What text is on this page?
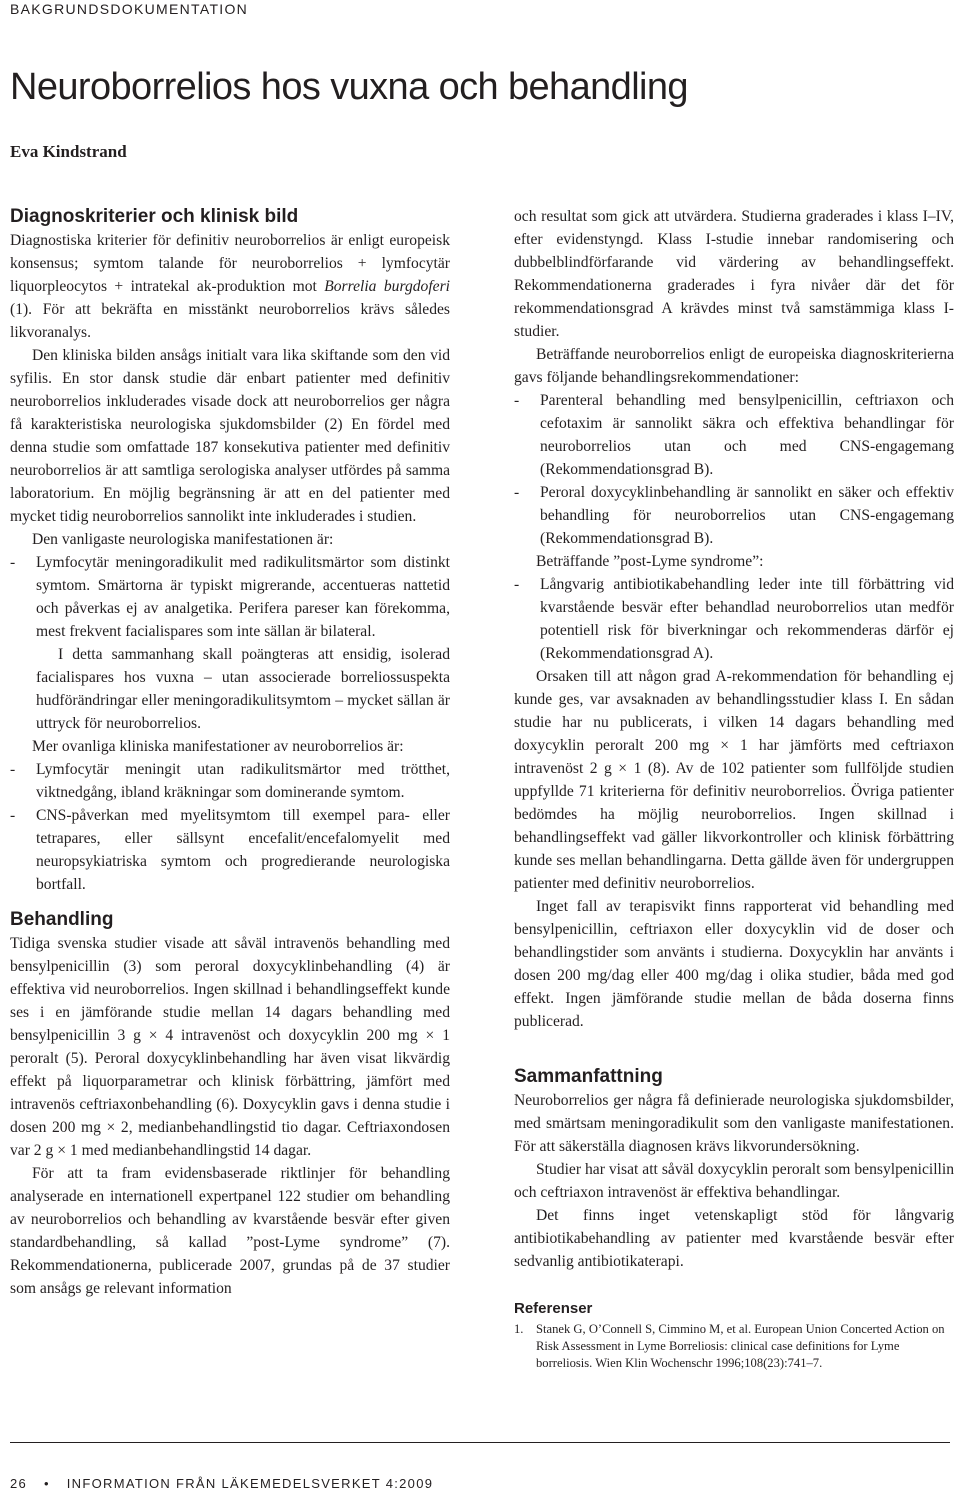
BAKGRUNDSDOKUMENTATION
Neuroborrelios hos vuxna och behandling
Eva Kindstrand
Diagnoskriterier och klinisk bild

Diagnostiska kriterier för definitiv neuroborrelios är enligt europeisk konsensus; symtom talande för neuroborrelios + lymfocytär liquorpleocytos + intratekal ak-produktion mot Borrelia burgdoferi (1). För att bekräfta en misstänkt neuroborrelios krävs således likvoranalys.

Den kliniska bilden ansågs initialt vara lika skiftande som den vid syfilis. En stor dansk studie där enbart patienter med definitiv neuroborrelios inkluderades visade dock att neuroborrelios ger några få karakteristiska neurologiska sjukdomsbilder (2) En fördel med denna studie som omfattade 187 konsekutiva patienter med definitiv neuroborrelios är att samtliga serologiska analyser utfördes på samma laboratorium. En möjlig begränsning är att en del patienter med mycket tidig neuroborrelios sannolikt inte inkluderades i studien.

Den vanligaste neurologiska manifestationen är:

- Lymfocytär meningoradikulit med radikulitsmärtor som distinkt symtom. Smärtorna är typiskt migrerande, accentueras nattetid och påverkas ej av analgetika. Perifera pareser kan förekomma, mest frekvent facialispares som inte sällan är bilateral.

I detta sammanhang skall poängteras att ensidig, isolerad facialispares hos vuxna – utan associerade borreliossuspekta hudförändringar eller meningoradikulitsymtom – mycket sällan är uttryck för neuroborrelios.

Mer ovanliga kliniska manifestationer av neuroborrelios är:

- Lymfocytär meningit utan radikulitsmärtor med trötthet, viktnedgång, ibland kräkningar som dominerande symtom.
- CNS-påverkan med myelitsymtom till exempel para- eller tetrapares, eller sällsynt encefalit/encefalomyelit med neuropsykiatriska symtom och progredierande neurologiska bortfall.
Behandling

Tidiga svenska studier visade att såväl intravenös behandling med bensylpenicillin (3) som peroral doxycyklinbehandling (4) är effektiva vid neuroborrelios. Ingen skillnad i behandlingseffekt kunde ses i en jämförande studie mellan 14 dagars behandling med bensylpenicillin 3 g × 4 intravenöst och doxycyklin 200 mg × 1 peroralt (5). Peroral doxycyklinbehandling har även visat likvärdig effekt på liquorparametrar och klinisk förbättring, jämfört med intravenös ceftriaxonbehandling (6). Doxycyklin gavs i denna studie i dosen 200 mg × 2, medianbehandlingstid tio dagar. Ceftriaxondosen var 2 g × 1 med medianbehandlingstid 14 dagar.

För att ta fram evidensbaserade riktlinjer för behandling analyserade en internationell expertpanel 122 studier om behandling av neuroborrelios och behandling av kvarstående besvär efter given standardbehandling, så kallad ”post-Lyme syndrome” (7). Rekommendationerna, publicerade 2007, grundas på de 37 studier som ansågs ge relevant information

och resultat som gick att utvärdera. Studierna graderades i klass I–IV, efter evidenstyngd. Klass I-studie innebar randomisering och dubbelblindförfarande vid värdering av behandlingseffekt. Rekommendationerna graderades i fyra nivåer där det för rekommendationsgrad A krävdes minst två samstämmiga klass I-studier.

Beträffande neuroborrelios enligt de europeiska diagnoskriterierna gavs följande behandlingsrekommendationer:

- Parenteral behandling med bensylpenicillin, ceftriaxon och cefotaxim är sannolikt säkra och effektiva behandlingar för neuroborrelios utan och med CNS-engagemang (Rekommendationsgrad B).
- Peroral doxycyklinbehandling är sannolikt en säker och effektiv behandling för neuroborrelios utan CNS-engagemang (Rekommendationsgrad B).

Beträffande ”post-Lyme syndrome”:

- Långvarig antibiotikabehandling leder inte till förbättring vid kvarstående besvär efter behandlad neuroborrelios utan medför potentiell risk för biverkningar och rekommenderas därför ej (Rekommendationsgrad A).

Orsaken till att någon grad A-rekommendation för behandling ej kunde ges, var avsaknaden av behandlingsstudier klass I. En sådan studie har nu publicerats, i vilken 14 dagars behandling med doxycyklin peroralt 200 mg × 1 har jämförts med ceftriaxon intravenöst 2 g × 1 (8). Av de 102 patienter som fullföljde studien uppfyllde 71 kriterierna för definitiv neuroborrelios. Övriga patienter bedömdes ha möjlig neuroborrelios. Ingen skillnad i behandlingseffekt vad gäller likvorkontroller och klinisk förbättring kunde ses mellan behandlingarna. Detta gällde även för undergruppen patienter med definitiv neuroborrelios.

Inget fall av terapisvikt finns rapporterat vid behandling med bensylpenicillin, ceftriaxon eller doxycyklin vid de doser och behandlingstider som använts i studierna. Doxycyklin har använts i dosen 200 mg/dag eller 400 mg/dag i olika studier, båda med god effekt. Ingen jämförande studie mellan de båda doserna finns publicerad.

Sammanfattning

Neuroborrelios ger några få definierade neurologiska sjukdomsbilder, med smärtsam meningoradikulit som den vanligaste manifestationen. För att säkerställa diagnosen krävs likvorundersökning.

Studier har visat att såväl doxycyklin peroralt som bensylpenicillin och ceftriaxon intravenöst är effektiva behandlingar.

Det finns inget vetenskapligt stöd för långvarig antibiotikabehandling av patienter med kvarstående besvär efter sedvanlig antibiotikaterapi.

Referenser
1. Stanek G, O’Connell S, Cimmino M, et al. European Union Concerted Action on Risk Assessment in Lyme Borreliosis: clinical case definitions for Lyme borreliosis. Wien Klin Wochenschr 1996;108(23):741–7.
26 • INFORMATION FRÅN LÄKEMEDELSVERKET 4:2009
